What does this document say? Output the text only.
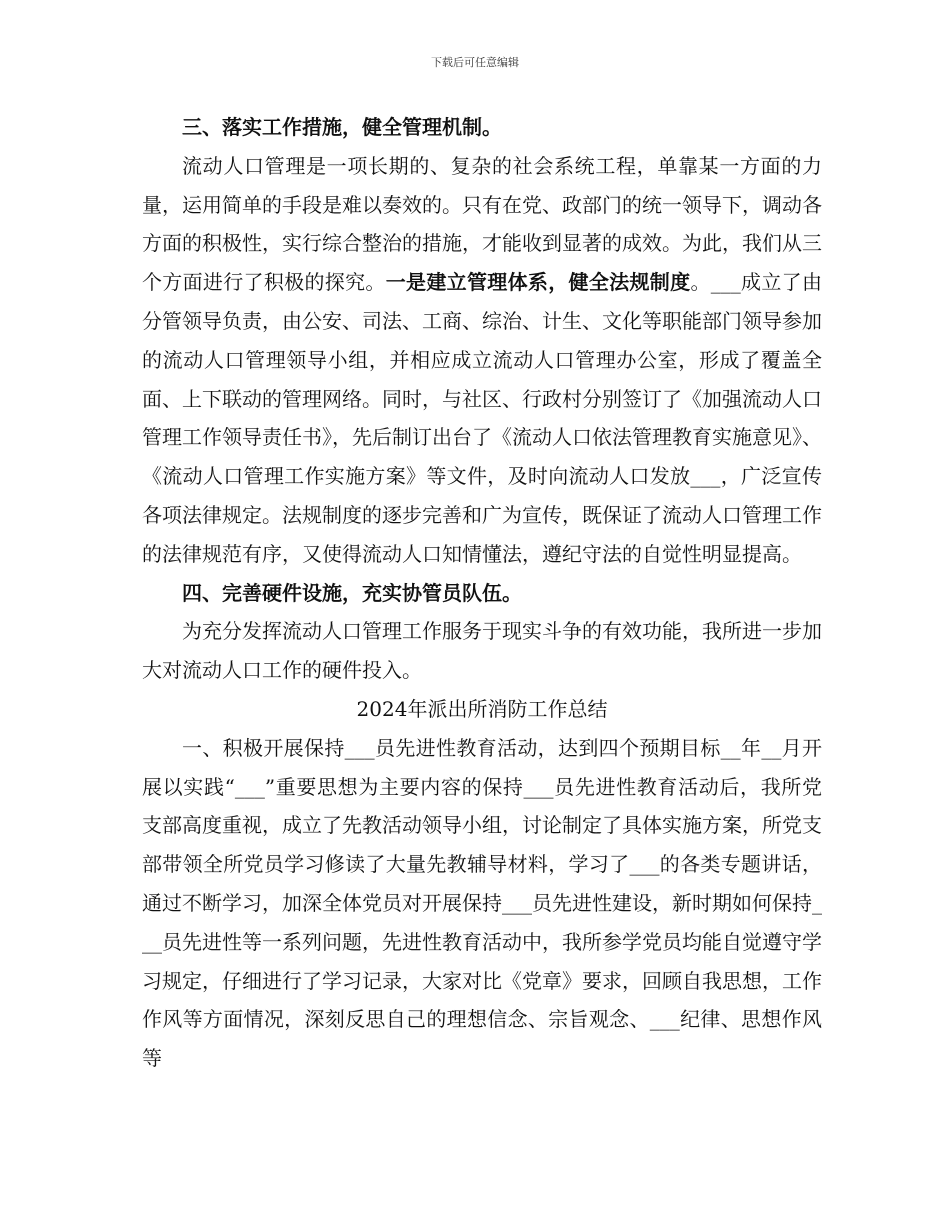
下载后可任意编辑

三、落实工作措施，健全管理机制。

流动人口管理是一项长期的、复杂的社会系统工程，单靠某一方面的力量，运用简单的手段是难以奏效的。只有在党、政部门的统一领导下，调动各方面的积极性，实行综合整治的措施，才能收到显著的成效。为此，我们从三个方面进行了积极的探究。一是建立管理体系，健全法规制度。___成立了由分管领导负责，由公安、司法、工商、综治、计生、文化等职能部门领导参加的流动人口管理领导小组，并相应成立流动人口管理办公室，形成了覆盖全面、上下联动的管理网络。同时，与社区、行政村分别签订了《加强流动人口管理工作领导责任书》，先后制订出台了《流动人口依法管理教育实施意见》、《流动人口管理工作实施方案》等文件，及时向流动人口发放___，广泛宣传各项法律规定。法规制度的逐步完善和广为宣传，既保证了流动人口管理工作的法律规范有序，又使得流动人口知情懂法，遵纪守法的自觉性明显提高。

四、完善硬件设施，充实协管员队伍。

为充分发挥流动人口管理工作服务于现实斗争的有效功能，我所进一步加大对流动人口工作的硬件投入。

2024年派出所消防工作总结

一、积极开展保持___员先进性教育活动，达到四个预期目标__年__月开展以实践“___”重要思想为主要内容的保持___员先进性教育活动后，我所党支部高度重视，成立了先教活动领导小组，讨论制定了具体实施方案，所党支部带领全所党员学习修读了大量先教辅导材料，学习了___的各类专题讲话，通过不断学习，加深全体党员对开展保持___员先进性建设，新时期如何保持___员先进性等一系列问题，先进性教育活动中，我所参学党员均能自觉遵守学习规定，仔细进行了学习记录，大家对比《党章》要求，回顾自我思想，工作作风等方面情况，深刻反思自己的理想信念、宗旨观念、___纪律、思想作风等
